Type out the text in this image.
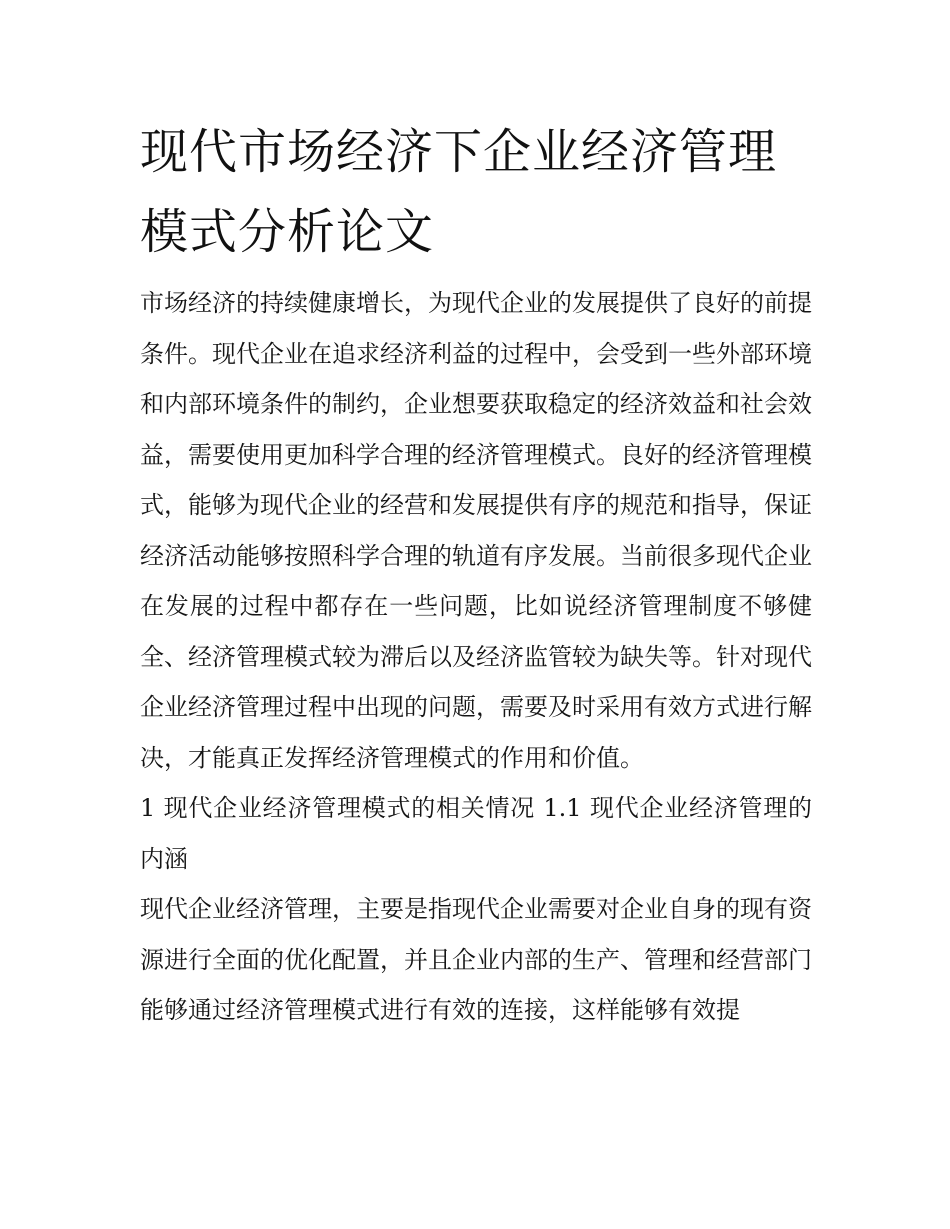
现代市场经济下企业经济管理模式分析论文

市场经济的持续健康增长，为现代企业的发展提供了良好的前提条件。现代企业在追求经济利益的过程中，会受到一些外部环境和内部环境条件的制约，企业想要获取稳定的经济效益和社会效益，需要使用更加科学合理的经济管理模式。良好的经济管理模式，能够为现代企业的经营和发展提供有序的规范和指导，保证经济活动能够按照科学合理的轨道有序发展。当前很多现代企业在发展的过程中都存在一些问题，比如说经济管理制度不够健全、经济管理模式较为滞后以及经济监管较为缺失等。针对现代企业经济管理过程中出现的问题，需要及时采用有效方式进行解决，才能真正发挥经济管理模式的作用和价值。

1 现代企业经济管理模式的相关情况 1.1 现代企业经济管理的内涵

现代企业经济管理，主要是指现代企业需要对企业自身的现有资源进行全面的优化配置，并且企业内部的生产、管理和经营部门能够通过经济管理模式进行有效的连接，这样能够有效提
